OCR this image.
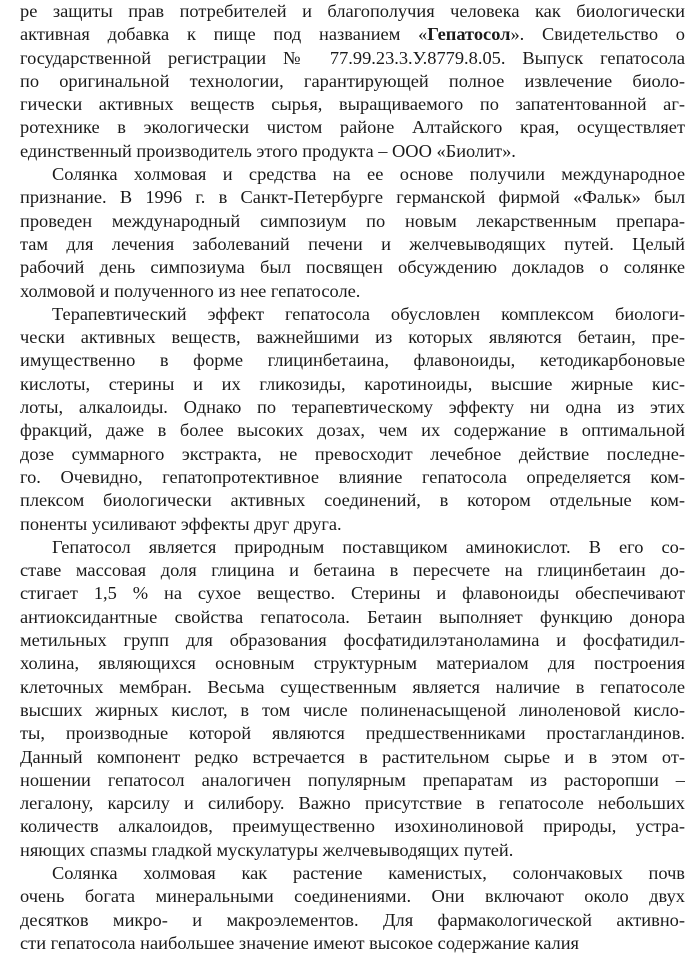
ре защиты прав потребителей и благополучия человека как биологически
активная добавка к пище под названием «Гепатосол». Свидетельство о
государственной регистрации № 77.99.23.3.У.8779.8.05. Выпуск гепатосола
по оригинальной технологии, гарантирующей полное извлечение биоло-
гически активных веществ сырья, выращиваемого по запатентованной аг-
ротехнике в экологически чистом районе Алтайского края, осуществляет
единственный производитель этого продукта – ООО «Биолит».
Солянка холмовая и средства на ее основе получили международное
признание. В 1996 г. в Санкт-Петербурге германской фирмой «Фальк» был
проведен международный симпозиум по новым лекарственным препара-
там для лечения заболеваний печени и желчевыводящих путей. Целый
рабочий день симпозиума был посвящен обсуждению докладов о солянке
холмовой и полученного из нее гепатосоле.
Терапевтический эффект гепатосола обусловлен комплексом биологи-
чески активных веществ, важнейшими из которых являются бетаин, пре-
имущественно в форме глицинбетаина, флавоноиды, кетодикарбоновые
кислоты, стерины и их гликозиды, каротиноиды, высшие жирные кис-
лоты, алкалоиды. Однако по терапевтическому эффекту ни одна из этих
фракций, даже в более высоких дозах, чем их содержание в оптимальной
дозе суммарного экстракта, не превосходит лечебное действие последне-
го. Очевидно, гепатопротективное влияние гепатосола определяется ком-
плексом биологически активных соединений, в котором отдельные ком-
поненты усиливают эффекты друг друга.
Гепатосол является природным поставщиком аминокислот. В его со-
ставе массовая доля глицина и бетаина в пересчете на глицинбетаин до-
стигает 1,5 % на сухое вещество. Стерины и флавоноиды обеспечивают
антиоксидантные свойства гепатосола. Бетаин выполняет функцию донора
метильных групп для образования фосфатидилэтаноламина и фосфатидил-
холина, являющихся основным структурным материалом для построения
клеточных мембран. Весьма существенным является наличие в гепатосоле
высших жирных кислот, в том числе полиненасыщеной линоленовой кисло-
ты, производные которой являются предшественниками простагландинов.
Данный компонент редко встречается в растительном сырье и в этом от-
ношении гепатосол аналогичен популярным препаратам из расторопши –
легалону, карсилу и силибору. Важно присутствие в гепатосоле небольших
количеств алкалоидов, преимущественно изохинолиновой природы, устра-
няющих спазмы гладкой мускулатуры желчевыводящих путей.
Солянка холмовая как растение каменистых, солончаковых почв
очень богата минеральными соединениями. Они включают около двух
десятков микро- и макроэлементов. Для фармакологической активно-
сти гепатосола наибольшее значение имеют высокое содержание калия
